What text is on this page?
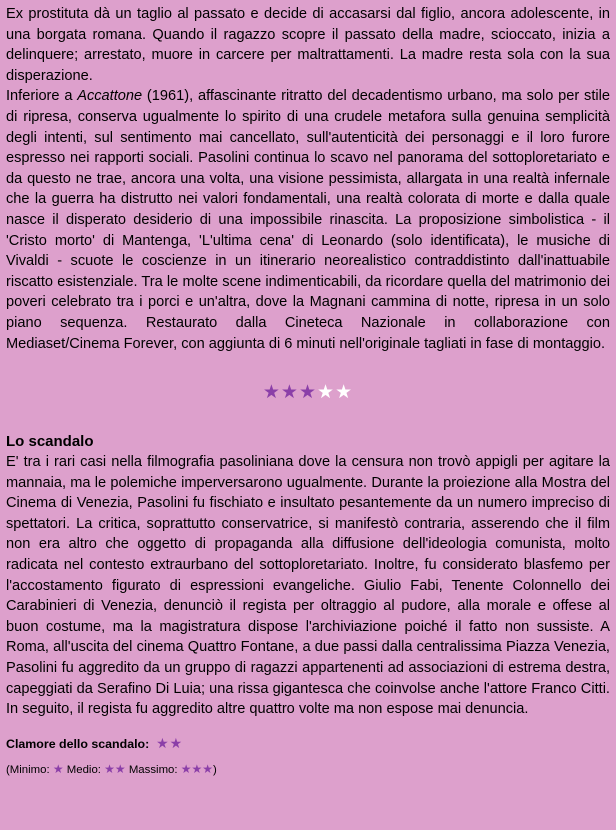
Ex prostituta dà un taglio al passato e decide di accasarsi dal figlio, ancora adolescente, in una borgata romana. Quando il ragazzo scopre il passato della madre, scioccato, inizia a delinquere; arrestato, muore in carcere per maltrattamenti. La madre resta sola con la sua disperazione.

Inferiore a Accattone (1961), affascinante ritratto del decadentismo urbano, ma solo per stile di ripresa, conserva ugualmente lo spirito di una crudele metafora sulla genuina semplicità degli intenti, sul sentimento mai cancellato, sull'autenticità dei personaggi e il loro furore espresso nei rapporti sociali. Pasolini continua lo scavo nel panorama del sottoploretariato e da questo ne trae, ancora una volta, una visione pessimista, allargata in una realtà infernale che la guerra ha distrutto nei valori fondamentali, una realtà colorata di morte e dalla quale nasce il disperato desiderio di una impossibile rinascita. La proposizione simbolistica - il 'Cristo morto' di Mantenga, 'L'ultima cena' di Leonardo (solo identificata), le musiche di Vivaldi - scuote le coscienze in un itinerario neorealistico contraddistinto dall'inattuabile riscatto esistenziale. Tra le molte scene indimenticabili, da ricordare quella del matrimonio dei poveri celebrato tra i porci e un'altra, dove la Magnani cammina di notte, ripresa in un solo piano sequenza. Restaurato dalla Cineteca Nazionale in collaborazione con Mediaset/Cinema Forever, con aggiunta di 6 minuti nell'originale tagliati in fase di montaggio.

★★★★★
Lo scandalo

E' tra i rari casi nella filmografia pasoliniana dove la censura non trovò appigli per agitare la mannaia, ma le polemiche imperversarono ugualmente. Durante la proiezione alla Mostra del Cinema di Venezia, Pasolini fu fischiato e insultato pesantemente da un numero impreciso di spettatori. La critica, soprattutto conservatrice, si manifestò contraria, asserendo che il film non era altro che oggetto di propaganda alla diffusione dell'ideologia comunista, molto radicata nel contesto extraurbano del sottoploretariato. Inoltre, fu considerato blasfemo per l'accostamento figurato di espressioni evangeliche. Giulio Fabi, Tenente Colonnello dei Carabinieri di Venezia, denunciò il regista per oltraggio al pudore, alla morale e offese al buon costume, ma la magistratura dispose l'archiviazione poiché il fatto non sussiste. A Roma, all'uscita del cinema Quattro Fontane, a due passi dalla centralissima Piazza Venezia, Pasolini fu aggredito da un gruppo di ragazzi appartenenti ad associazioni di estrema destra, capeggiati da Serafino Di Luia; una rissa gigantesca che coinvolse anche l'attore Franco Citti. In seguito, il regista fu aggredito altre quattro volte ma non espose mai denuncia.

Clamore dello scandalo: ★★

(Minimo: ★ Medio: ★★ Massimo: ★★★)
